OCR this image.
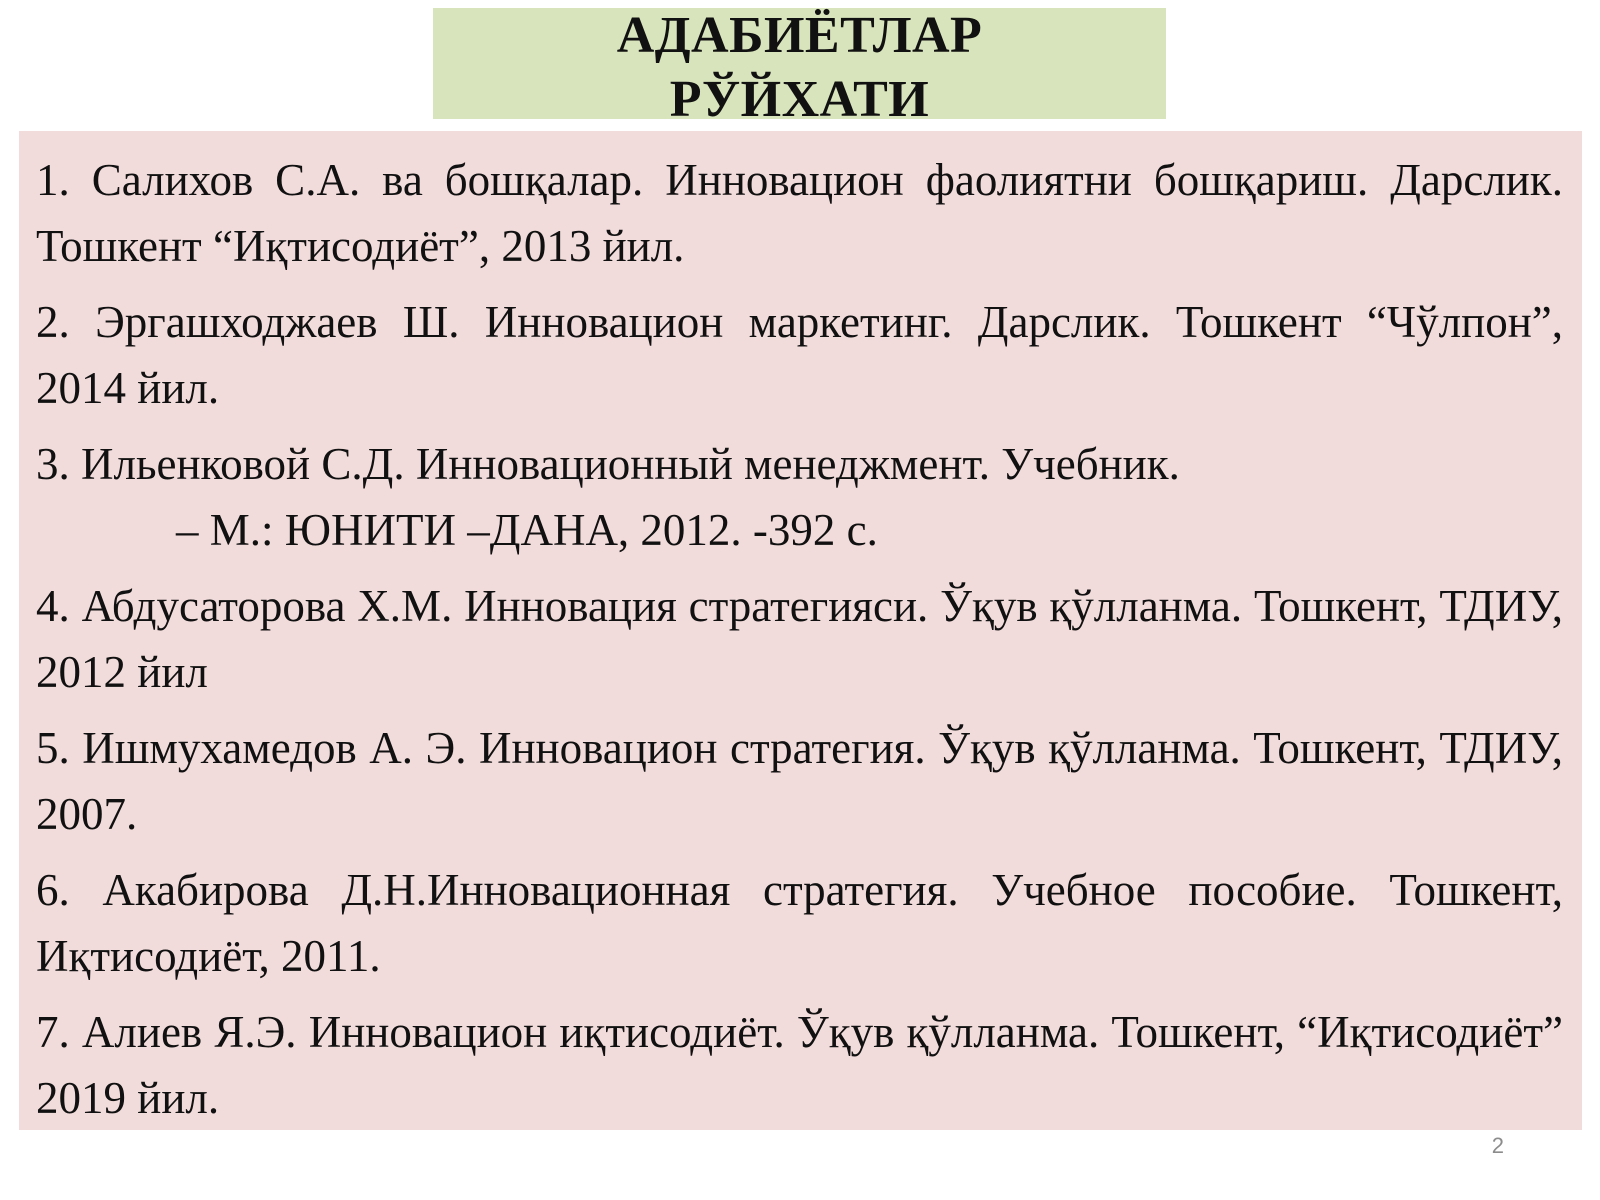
АДАБИЁТЛАР
РЎЙХАТИ

1. Салихов С.А. ва бошқалар. Инновацион фаолиятни бошқариш. Дарслик. Тошкент “Иқтисодиёт”, 2013 йил.

2. Эргашходжаев Ш. Инновацион маркетинг. Дарслик. Тошкент “Чўлпон”, 2014 йил.

3. Ильенковой С.Д. Инновационный менеджмент. Учебник.
– М.: ЮНИТИ –ДАНА, 2012. -392 с.

4. Абдусаторова Х.М. Инновация стратегияси. Ўқув қўлланма. Тошкент, ТДИУ, 2012 йил

5. Ишмухамедов А. Э. Инновацион стратегия. Ўқув қўлланма. Тошкент, ТДИУ, 2007.

6. Акабирова Д.Н.Инновационная стратегия. Учебное пособие. Тошкент, Иқтисодиёт, 2011.

7. Алиев Я.Э. Инновацион иқтисодиёт. Ўқув қўлланма. Тошкент, “Иқтисодиёт” 2019 йил.

2
